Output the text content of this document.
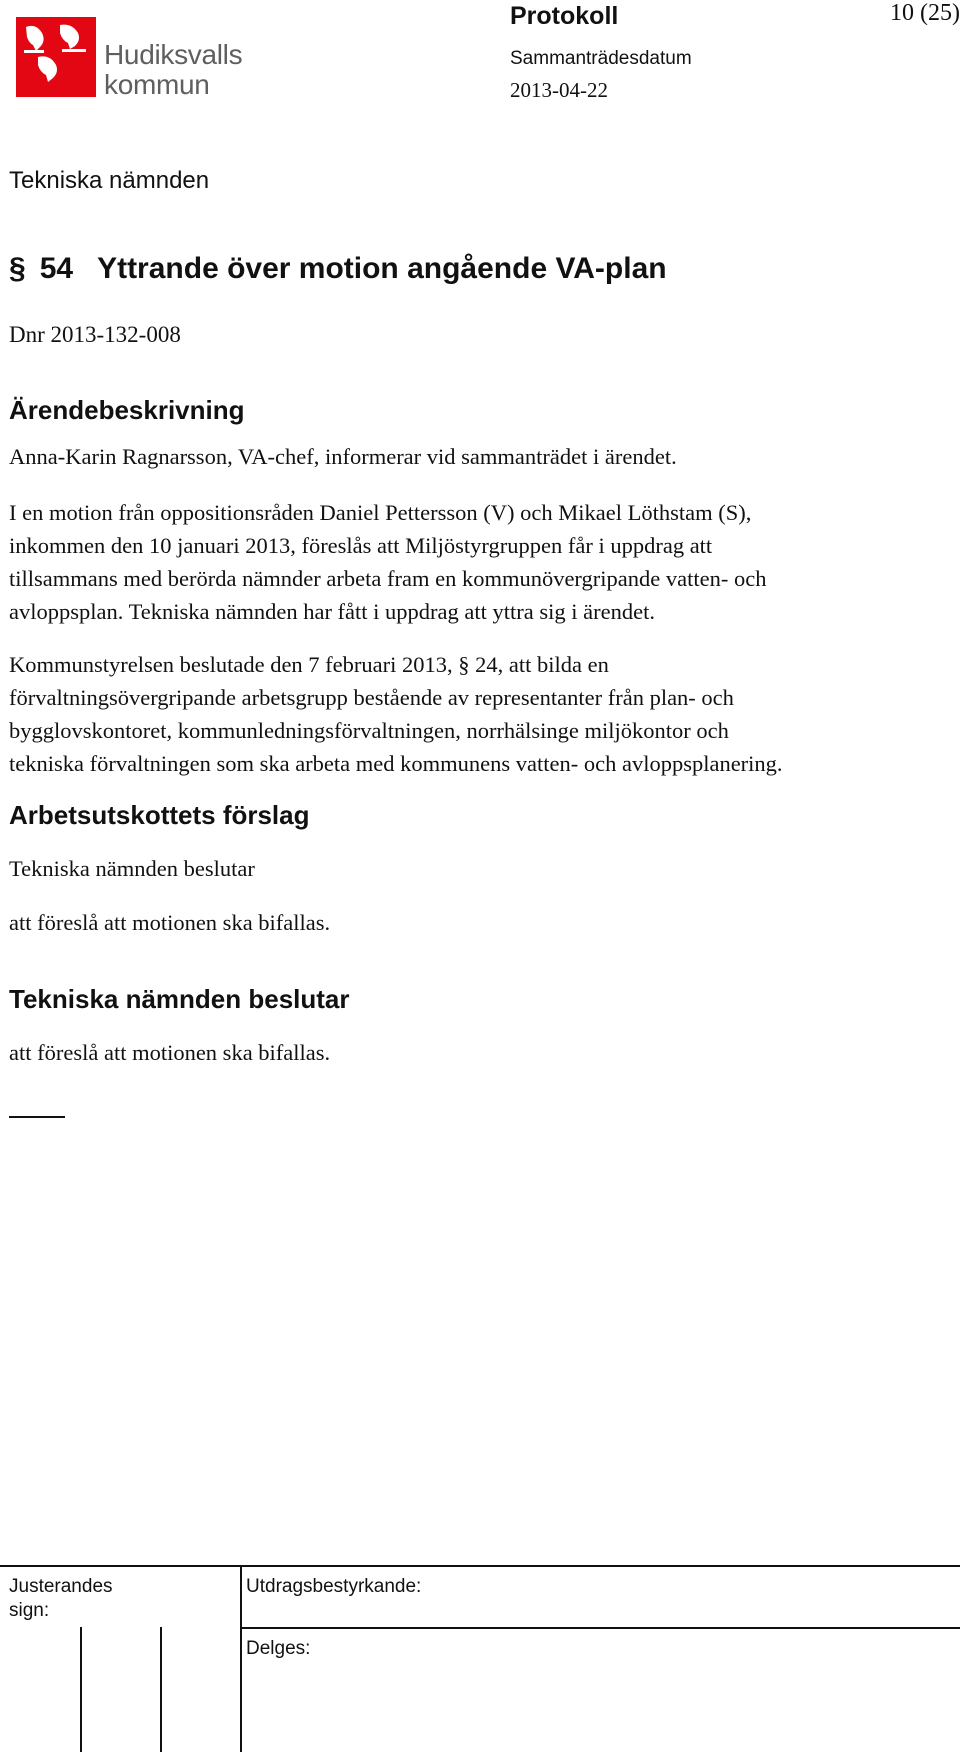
Hudiksvalls
kommun
Protokoll	10 (25)
Sammanträdesdatum
2013-04-22
Tekniska nämnden
§ 54 Yttrande över motion angående VA-plan
Dnr 2013-132-008
Ärendebeskrivning
Anna-Karin Ragnarsson, VA-chef, informerar vid sammanträdet i ärendet.
I en motion från oppositionsråden Daniel Pettersson (V) och Mikael Löthstam (S),
inkommen den 10 januari 2013, föreslås att Miljöstyrgruppen får i uppdrag att
tillsammans med berörda nämnder arbeta fram en kommunövergripande vatten- och
avloppsplan. Tekniska nämnden har fått i uppdrag att yttra sig i ärendet.
Kommunstyrelsen beslutade den 7 februari 2013, § 24, att bilda en
förvaltningsövergripande arbetsgrupp bestående av representanter från plan- och
bygglovskontoret, kommunledningsförvaltningen, norrhälsinge miljökontor och
tekniska förvaltningen som ska arbeta med kommunens vatten- och avloppsplanering.
Arbetsutskottets förslag
Tekniska nämnden beslutar
att föreslå att motionen ska bifallas.
Tekniska nämnden beslutar
att föreslå att motionen ska bifallas.
Justerandes
sign:
Utdragsbestyrkande:
Delges:
